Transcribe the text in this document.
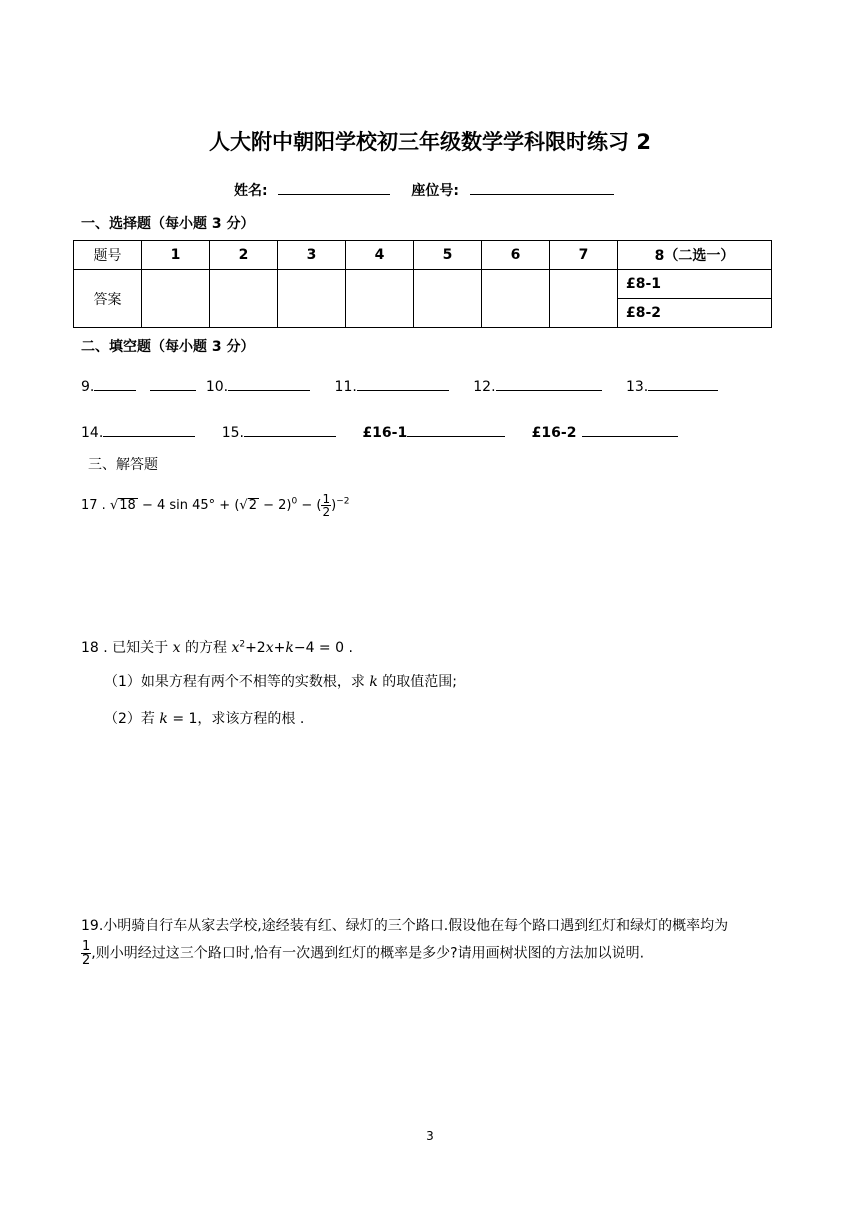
人大附中朝阳学校初三年级数学学科限时练习 2
姓名:	座位号:
一、选择题（每小题 3 分）
题号	1	2	3	4	5	6	7	8（二选一）
答案								£8-1
								£8-2
二、填空题（每小题 3 分）
9.	10.	11.	12.	13.
14.	15.	£16-1	£16-2
三、解答题
17 . √18 − 4 $\sin 45^\circ + (√2 - 2)^0$ − ( $\frac{1}{2} )^{-2}$
18 . 已知关于 x 的方程 $x^2+2x+k-4 = 0$ .
（1）如果方程有两个不相等的实数根，求 k 的取值范围;
（2）若 k = 1，求该方程的根 .
19.小明骑自行车从家去学校,途经装有红、绿灯的三个路口.假设他在每个路口遇到红灯和绿灯的概率均为
$\frac{1}{2}$ ,则小明经过这三个路口时,恰有一次遇到红灯的概率是多少?请用画树状图的方法加以说明.
3
